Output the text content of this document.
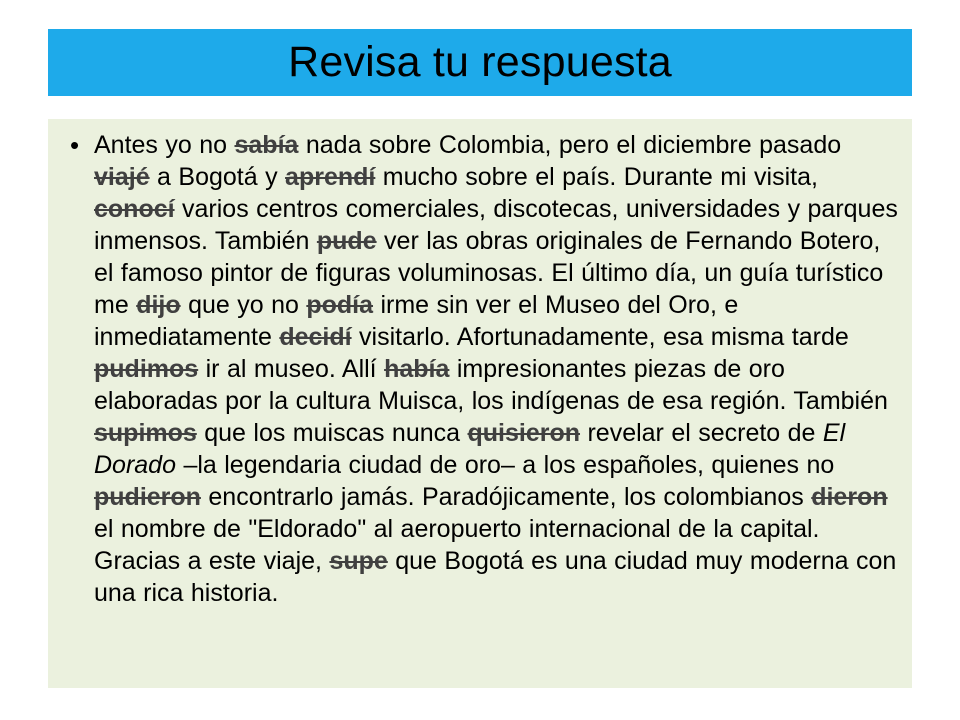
Revisa tu respuesta
• Antes yo no sabía nada sobre Colombia, pero el diciembre pasado viajé a Bogotá y aprendí mucho sobre el país. Durante mi visita, conocí varios centros comerciales, discotecas, universidades y parques inmensos. También pude ver las obras originales de Fernando Botero, el famoso pintor de figuras voluminosas. El último día, un guía turístico me dijo que yo no podía irme sin ver el Museo del Oro, e inmediatamente decidí visitarlo. Afortunadamente, esa misma tarde pudimos ir al museo. Allí había impresionantes piezas de oro elaboradas por la cultura Muisca, los indígenas de esa región. También supimos que los muiscas nunca quisieron revelar el secreto de El Dorado –la legendaria ciudad de oro– a los españoles, quienes no pudieron encontrarlo jamás. Paradójicamente, los colombianos dieron el nombre de "Eldorado" al aeropuerto internacional de la capital. Gracias a este viaje, supe que Bogotá es una ciudad muy moderna con una rica historia.
